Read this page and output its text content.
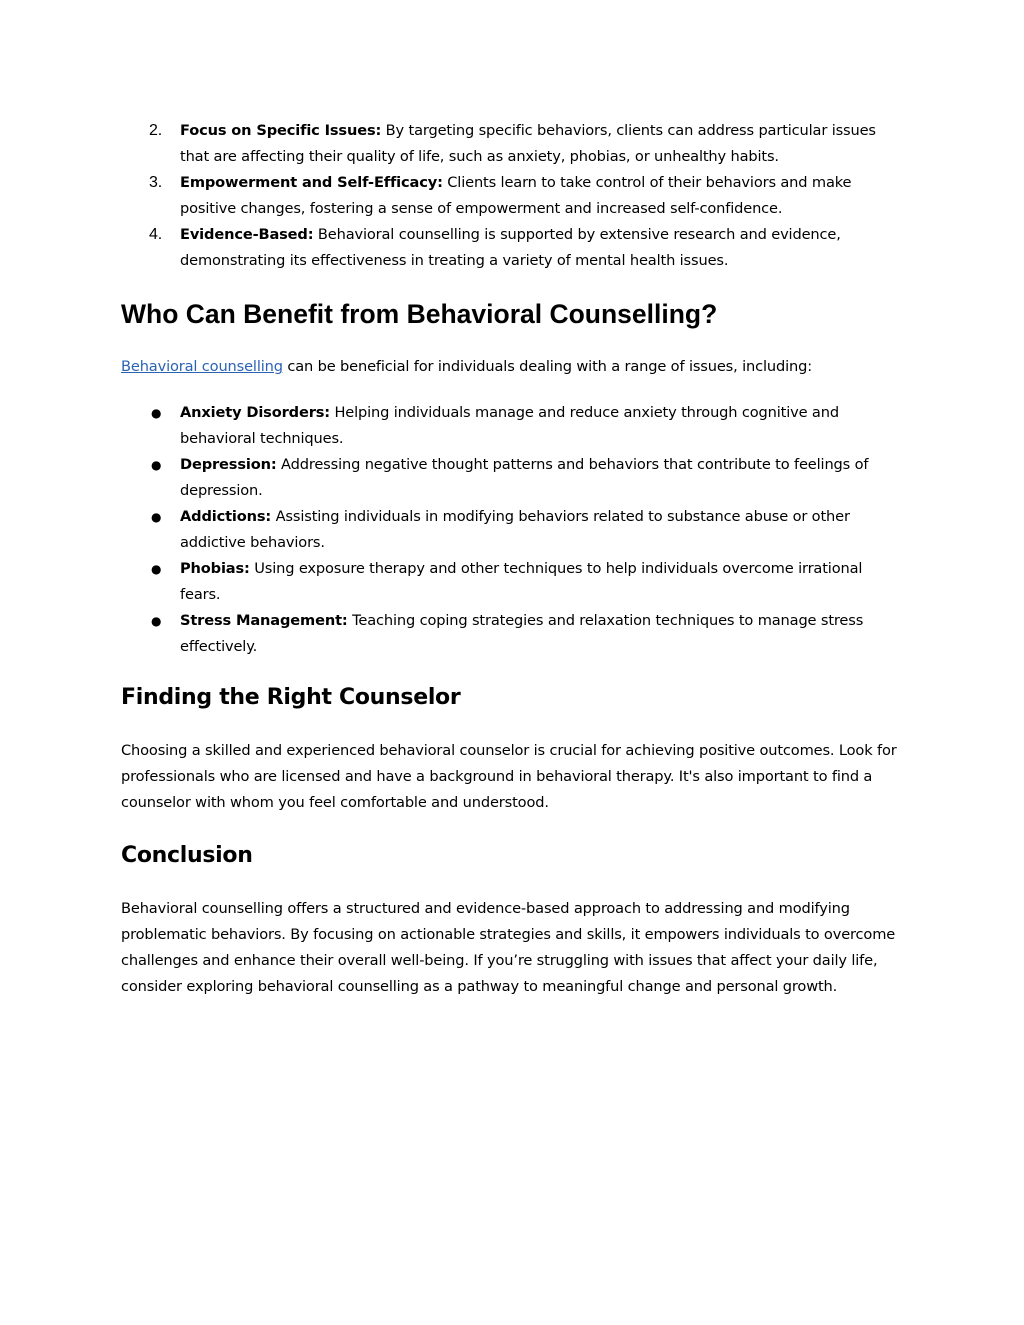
2. Focus on Specific Issues: By targeting specific behaviors, clients can address particular issues that are affecting their quality of life, such as anxiety, phobias, or unhealthy habits.
3. Empowerment and Self-Efficacy: Clients learn to take control of their behaviors and make positive changes, fostering a sense of empowerment and increased self-confidence.
4. Evidence-Based: Behavioral counselling is supported by extensive research and evidence, demonstrating its effectiveness in treating a variety of mental health issues.
Who Can Benefit from Behavioral Counselling?

Behavioral counselling can be beneficial for individuals dealing with a range of issues, including:

● Anxiety Disorders: Helping individuals manage and reduce anxiety through cognitive and behavioral techniques.
● Depression: Addressing negative thought patterns and behaviors that contribute to feelings of depression.
● Addictions: Assisting individuals in modifying behaviors related to substance abuse or other addictive behaviors.
● Phobias: Using exposure therapy and other techniques to help individuals overcome irrational fears.
● Stress Management: Teaching coping strategies and relaxation techniques to manage stress effectively.
Finding the Right Counselor

Choosing a skilled and experienced behavioral counselor is crucial for achieving positive outcomes. Look for professionals who are licensed and have a background in behavioral therapy. It's also important to find a counselor with whom you feel comfortable and understood.

Conclusion

Behavioral counselling offers a structured and evidence-based approach to addressing and modifying problematic behaviors. By focusing on actionable strategies and skills, it empowers individuals to overcome challenges and enhance their overall well-being. If you’re struggling with issues that affect your daily life, consider exploring behavioral counselling as a pathway to meaningful change and personal growth.
